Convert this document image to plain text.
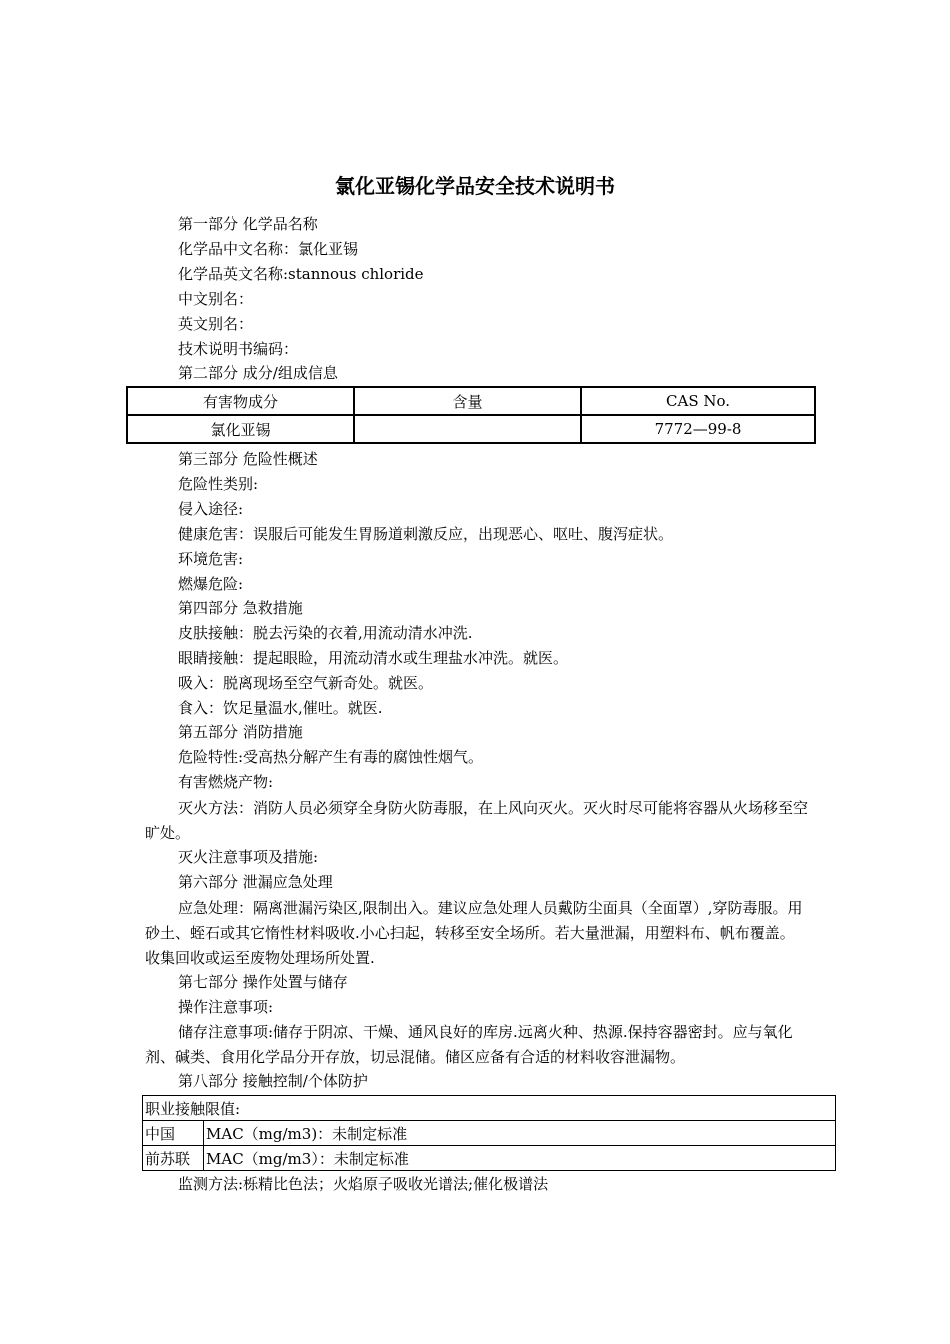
氯化亚锡化学品安全技术说明书
第一部分 化学品名称
化学品中文名称：氯化亚锡
化学品英文名称:stannous chloride
中文别名：
英文别名：
技术说明书编码：
第二部分 成分/组成信息
有害物成分	含量	CAS No.
氯化亚锡		7772—99-8
第三部分 危险性概述
危险性类别:
侵入途径:
健康危害：误服后可能发生胃肠道刺激反应，出现恶心、呕吐、腹泻症状。
环境危害:
燃爆危险:
第四部分 急救措施
皮肤接触：脱去污染的衣着,用流动清水冲洗.
眼睛接触：提起眼睑，用流动清水或生理盐水冲洗。就医。
吸入：脱离现场至空气新奇处。就医。
食入：饮足量温水,催吐。就医.
第五部分 消防措施
危险特性:受高热分解产生有毒的腐蚀性烟气。
有害燃烧产物:
灭火方法：消防人员必须穿全身防火防毒服，在上风向灭火。灭火时尽可能将容器从火场移至空旷处。
灭火注意事项及措施:
第六部分 泄漏应急处理
应急处理：隔离泄漏污染区,限制出入。建议应急处理人员戴防尘面具（全面罩）,穿防毒服。用砂土、蛭石或其它惰性材料吸收.小心扫起，转移至安全场所。若大量泄漏，用塑料布、帆布覆盖。收集回收或运至废物处理场所处置.
第七部分 操作处置与储存
操作注意事项:
储存注意事项:储存于阴凉、干燥、通风良好的库房.远离火种、热源.保持容器密封。应与氧化剂、碱类、食用化学品分开存放，切忌混储。储区应备有合适的材料收容泄漏物。
第八部分 接触控制/个体防护
职业接触限值:	
中国	MAC（mg/m3)：未制定标准
前苏联	MAC（mg/m3）：未制定标准
监测方法:栎精比色法；火焰原子吸收光谱法;催化极谱法
